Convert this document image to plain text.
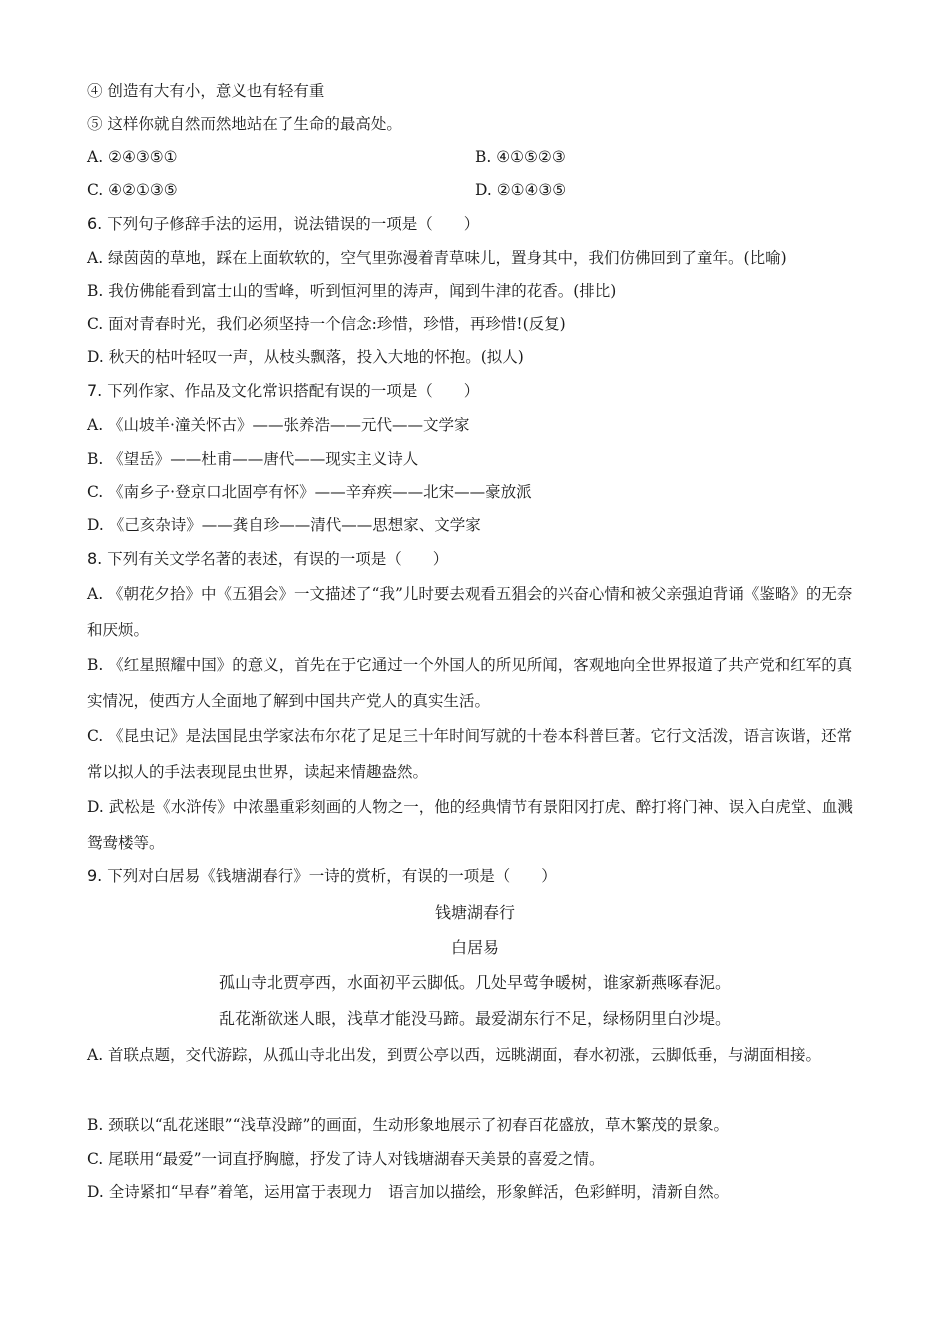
④ 创造有大有小，意义也有轻有重
⑤ 这样你就自然而然地站在了生命的最高处。
A. ②④③⑤①	B. ④①⑤②③
C. ④②①③⑤	D. ②①④③⑤
6. 下列句子修辞手法的运用，说法错误的一项是（　　）
A. 绿茵茵的草地，踩在上面软软的，空气里弥漫着青草味儿，置身其中，我们仿佛回到了童年。(比喻)
B. 我仿佛能看到富士山的雪峰，听到恒河里的涛声，闻到牛津的花香。(排比)
C. 面对青春时光，我们必须坚持一个信念:珍惜，珍惜，再珍惜!(反复)
D. 秋天的枯叶轻叹一声，从枝头飘落，投入大地的怀抱。(拟人)
7. 下列作家、作品及文化常识搭配有误的一项是（　　）
A. 《山坡羊·潼关怀古》——张养浩——元代——文学家
B. 《望岳》——杜甫——唐代——现实主义诗人
C. 《南乡子·登京口北固亭有怀》——辛弃疾——北宋——豪放派
D. 《己亥杂诗》——龚自珍——清代——思想家、文学家
8. 下列有关文学名著的表述，有误的一项是（　　）
A. 《朝花夕拾》中《五猖会》一文描述了“我”儿时要去观看五猖会的兴奋心情和被父亲强迫背诵《鉴略》的无奈和厌烦。
B. 《红星照耀中国》的意义，首先在于它通过一个外国人的所见所闻，客观地向全世界报道了共产党和红军的真实情况，使西方人全面地了解到中国共产党人的真实生活。
C. 《昆虫记》是法国昆虫学家法布尔花了足足三十年时间写就的十卷本科普巨著。它行文活泼，语言诙谐，还常常以拟人的手法表现昆虫世界，读起来情趣盎然。
D. 武松是《水浒传》中浓墨重彩刻画的人物之一，他的经典情节有景阳冈打虎、醉打将门神、误入白虎堂、血溅鸳鸯楼等。
9. 下列对白居易《钱塘湖春行》一诗的赏析，有误的一项是（　　）
钱塘湖春行
白居易
孤山寺北贾亭西，水面初平云脚低。几处早莺争暖树，谁家新燕啄春泥。
乱花渐欲迷人眼，浅草才能没马蹄。最爱湖东行不足，绿杨阴里白沙堤。
A. 首联点题，交代游踪，从孤山寺北出发，到贾公亭以西，远眺湖面，春水初涨，云脚低垂，与湖面相接。
B. 颈联以“乱花迷眼”“浅草没蹄”的画面，生动形象地展示了初春百花盛放，草木繁茂的景象。
C. 尾联用“最爱”一词直抒胸臆，抒发了诗人对钱塘湖春天美景的喜爱之情。
D. 全诗紧扣“早春”着笔，运用富于表现力　语言加以描绘，形象鲜活，色彩鲜明，清新自然。
